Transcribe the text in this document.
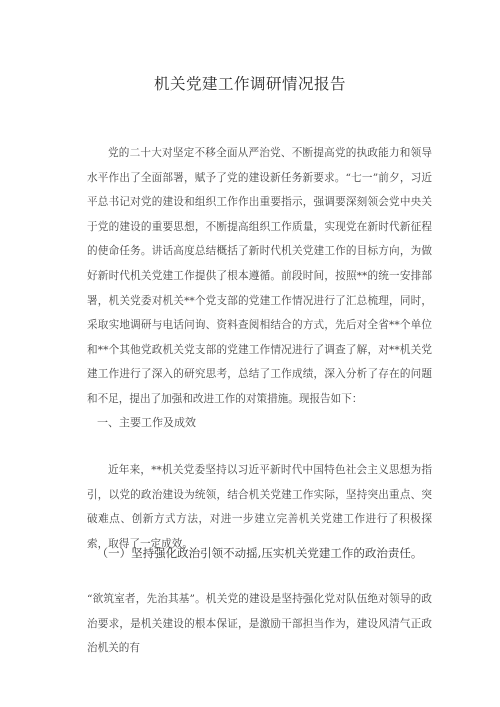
机关党建工作调研情况报告
党的二十大对坚定不移全面从严治党、不断提高党的执政能力和领导水平作出了全面部署，赋予了党的建设新任务新要求。“七一”前夕，习近平总书记对党的建设和组织工作作出重要指示，强调要深刻领会党中央关于党的建设的重要思想，不断提高组织工作质量，实现党在新时代新征程的使命任务。讲话高度总结概括了新时代机关党建工作的目标方向，为做好新时代机关党建工作提供了根本遵循。前段时间，按照**的统一安排部署，机关党委对机关**个党支部的党建工作情况进行了汇总梳理，同时，采取实地调研与电话问询、资料查阅相结合的方式，先后对全省**个单位和**个其他党政机关党支部的党建工作情况进行了调查了解，对**机关党建工作进行了深入的研究思考，总结了工作成绩，深入分析了存在的问题和不足，提出了加强和改进工作的对策措施。现报告如下：
一、主要工作及成效
近年来，**机关党委坚持以习近平新时代中国特色社会主义思想为指引，以党的政治建设为统领，结合机关党建工作实际，坚持突出重点、突破难点、创新方式方法，对进一步建立完善机关党建工作进行了积极探索，取得了一定成效。
（一）坚持强化政治引领不动摇,压实机关党建工作的政治责任。
“欲筑室者，先治其基”。机关党的建设是坚持强化党对队伍绝对领导的政治要求，是机关建设的根本保证，是激励干部担当作为，建设风清气正政治机关的有
